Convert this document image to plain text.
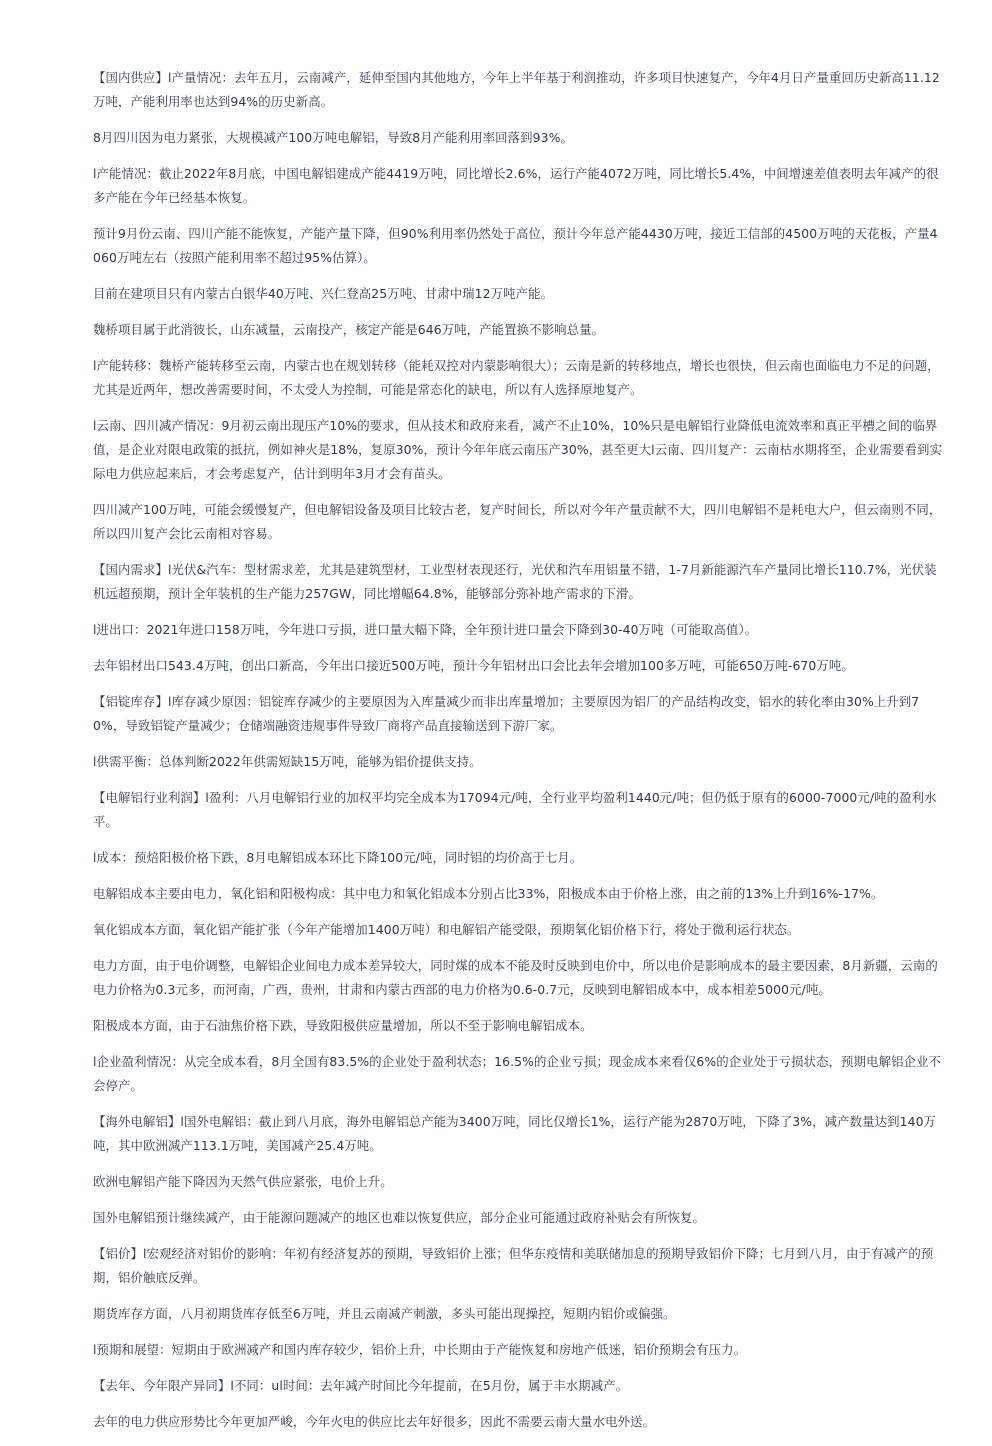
【国内供应】l产量情况：去年五月，云南减产，延伸至国内其他地方，今年上半年基于利润推动，许多项目快速复产，今年4月日产量重回历史新高11.12万吨，产能利用率也达到94%的历史新高。

8月四川因为电力紧张，大规模减产100万吨电解铝，导致8月产能利用率回落到93%。

l产能情况：截止2022年8月底，中国电解铝建成产能4419万吨，同比增长2.6%，运行产能4072万吨，同比增长5.4%，中间增速差值表明去年减产的很多产能在今年已经基本恢复。

预计9月份云南、四川产能不能恢复，产能产量下降，但90%利用率仍然处于高位，预计今年总产能4430万吨，接近工信部的4500万吨的天花板，产量4060万吨左右（按照产能利用率不超过95%估算）。

目前在建项目只有内蒙古白银华40万吨、兴仁登高25万吨、甘肃中瑞12万吨产能。

魏桥项目属于此消彼长，山东减量，云南投产，核定产能是646万吨，产能置换不影响总量。

l产能转移：魏桥产能转移至云南，内蒙古也在规划转移（能耗双控对内蒙影响很大）；云南是新的转移地点，增长也很快，但云南也面临电力不足的问题，尤其是近两年，想改善需要时间，不太受人为控制，可能是常态化的缺电，所以有人选择原地复产。

l云南、四川减产情况：9月初云南出现压产10%的要求，但从技术和政府来看，减产不止10%，10%只是电解铝行业降低电流效率和真正平槽之间的临界值，是企业对限电政策的抵抗，例如神火是18%，复原30%，预计今年年底云南压产30%，甚至更大l云南、四川复产：云南枯水期将至，企业需要看到实际电力供应起来后，才会考虑复产，估计到明年3月才会有苗头。

四川减产100万吨，可能会缓慢复产，但电解铝设备及项目比较古老，复产时间长，所以对今年产量贡献不大，四川电解铝不是耗电大户，但云南则不同，所以四川复产会比云南相对容易。

【国内需求】l光伏&汽车：型材需求差，尤其是建筑型材，工业型材表现还行，光伏和汽车用铝量不错，1-7月新能源汽车产量同比增长110.7%，光伏装机远超预期，预计全年装机的生产能力257GW，同比增幅64.8%，能够部分弥补地产需求的下滑。

l进出口：2021年进口158万吨，今年进口亏损，进口量大幅下降，全年预计进口量会下降到30-40万吨（可能取高值）。

去年铝材出口543.4万吨，创出口新高，今年出口接近500万吨，预计今年铝材出口会比去年会增加100多万吨，可能650万吨-670万吨。

【铝锭库存】l库存减少原因：铝锭库存减少的主要原因为入库量减少而非出库量增加；主要原因为铝厂的产品结构改变，铝水的转化率由30%上升到70%，导致铝锭产量减少；仓储端融资违规事件导致厂商将产品直接输送到下游厂家。

l供需平衡：总体判断2022年供需短缺15万吨，能够为铝价提供支持。

【电解铝行业利润】l盈利：八月电解铝行业的加权平均完全成本为17094元/吨，全行业平均盈利1440元/吨；但仍低于原有的6000-7000元/吨的盈利水平。

l成本：预焙阳极价格下跌，8月电解铝成本环比下降100元/吨，同时铝的均价高于七月。

电解铝成本主要由电力，氧化铝和阳极构成：其中电力和氧化铝成本分别占比33%，阳极成本由于价格上涨，由之前的13%上升到16%-17%。

氧化铝成本方面，氧化铝产能扩张（今年产能增加1400万吨）和电解铝产能受限，预期氧化铝价格下行，将处于微利运行状态。

电力方面，由于电价调整，电解铝企业间电力成本差异较大，同时煤的成本不能及时反映到电价中，所以电价是影响成本的最主要因素，8月新疆，云南的电力价格为0.3元多，而河南，广西，贵州，甘肃和内蒙古西部的电力价格为0.6-0.7元，反映到电解铝成本中，成本相差5000元/吨。

阳极成本方面，由于石油焦价格下跌，导致阳极供应量增加，所以不至于影响电解铝成本。

l企业盈利情况：从完全成本看，8月全国有83.5%的企业处于盈利状态；16.5%的企业亏损；现金成本来看仅6%的企业处于亏损状态，预期电解铝企业不会停产。

【海外电解铝】l国外电解铝：截止到八月底，海外电解铝总产能为3400万吨，同比仅增长1%，运行产能为2870万吨，下降了3%，减产数量达到140万吨，其中欧洲减产113.1万吨，美国减产25.4万吨。

欧洲电解铝产能下降因为天然气供应紧张，电价上升。

国外电解铝预计继续减产，由于能源问题减产的地区也难以恢复供应，部分企业可能通过政府补贴会有所恢复。

【铝价】l宏观经济对铝价的影响：年初有经济复苏的预期，导致铝价上涨；但华东疫情和美联储加息的预期导致铝价下降；七月到八月，由于有减产的预期，铝价触底反弹。

期货库存方面，八月初期货库存低至6万吨，并且云南减产刺激，多头可能出现操控，短期内铝价或偏强。

l预期和展望：短期由于欧洲减产和国内库存较少，铝价上升，中长期由于产能恢复和房地产低迷，铝价预期会有压力。

【去年、今年限产异同】l不同：ul时间：去年减产时间比今年提前，在5月份，属于丰水期减产。

去年的电力供应形势比今年更加严峻，今年火电的供应比去年好很多，因此不需要云南大量水电外送。
